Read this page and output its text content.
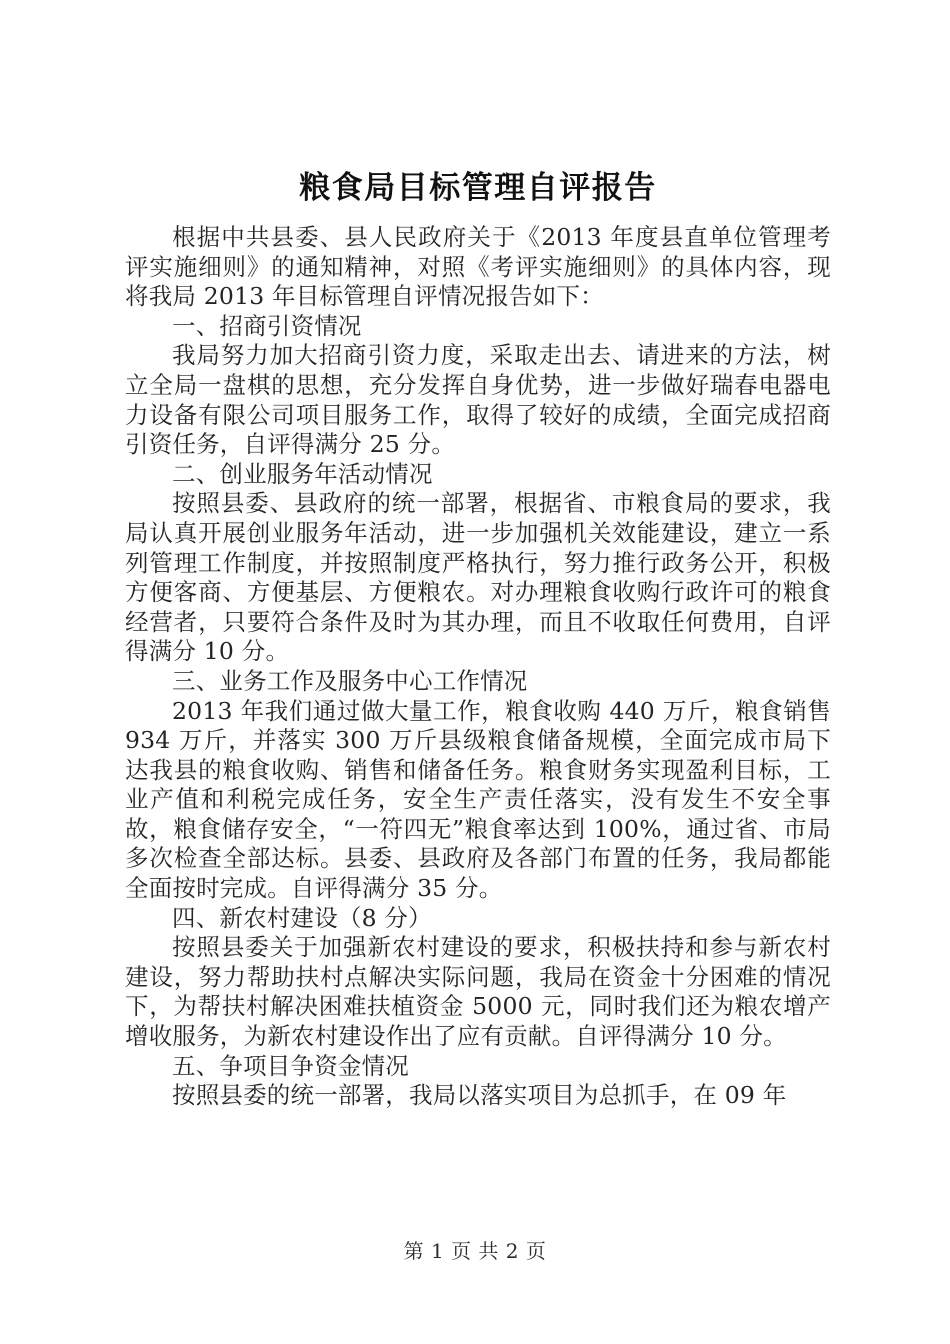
粮食局目标管理自评报告

根据中共县委、县人民政府关于《2013 年度县直单位管理考评实施细则》的通知精神，对照《考评实施细则》的具体内容，现将我局 2013 年目标管理自评情况报告如下：

一、招商引资情况

我局努力加大招商引资力度，采取走出去、请进来的方法，树立全局一盘棋的思想，充分发挥自身优势，进一步做好瑞春电器电力设备有限公司项目服务工作，取得了较好的成绩，全面完成招商引资任务，自评得满分 25 分。

二、创业服务年活动情况

按照县委、县政府的统一部署，根据省、市粮食局的要求，我局认真开展创业服务年活动，进一步加强机关效能建设，建立一系列管理工作制度，并按照制度严格执行，努力推行政务公开，积极方便客商、方便基层、方便粮农。对办理粮食收购行政许可的粮食经营者，只要符合条件及时为其办理，而且不收取任何费用，自评得满分 10 分。

三、业务工作及服务中心工作情况

2013 年我们通过做大量工作，粮食收购 440 万斤，粮食销售 934 万斤，并落实 300 万斤县级粮食储备规模，全面完成市局下达我县的粮食收购、销售和储备任务。粮食财务实现盈利目标，工业产值和利税完成任务，安全生产责任落实，没有发生不安全事故，粮食储存安全，“一符四无”粮食率达到 100%，通过省、市局多次检查全部达标。县委、县政府及各部门布置的任务，我局都能全面按时完成。自评得满分 35 分。

四、新农村建设（8 分）

按照县委关于加强新农村建设的要求，积极扶持和参与新农村建设，努力帮助扶村点解决实际问题，我局在资金十分困难的情况下，为帮扶村解决困难扶植资金 5000 元，同时我们还为粮农增产增收服务，为新农村建设作出了应有贡献。自评得满分 10 分。

五、争项目争资金情况

按照县委的统一部署，我局以落实项目为总抓手，在 09 年

第 1 页 共 2 页
